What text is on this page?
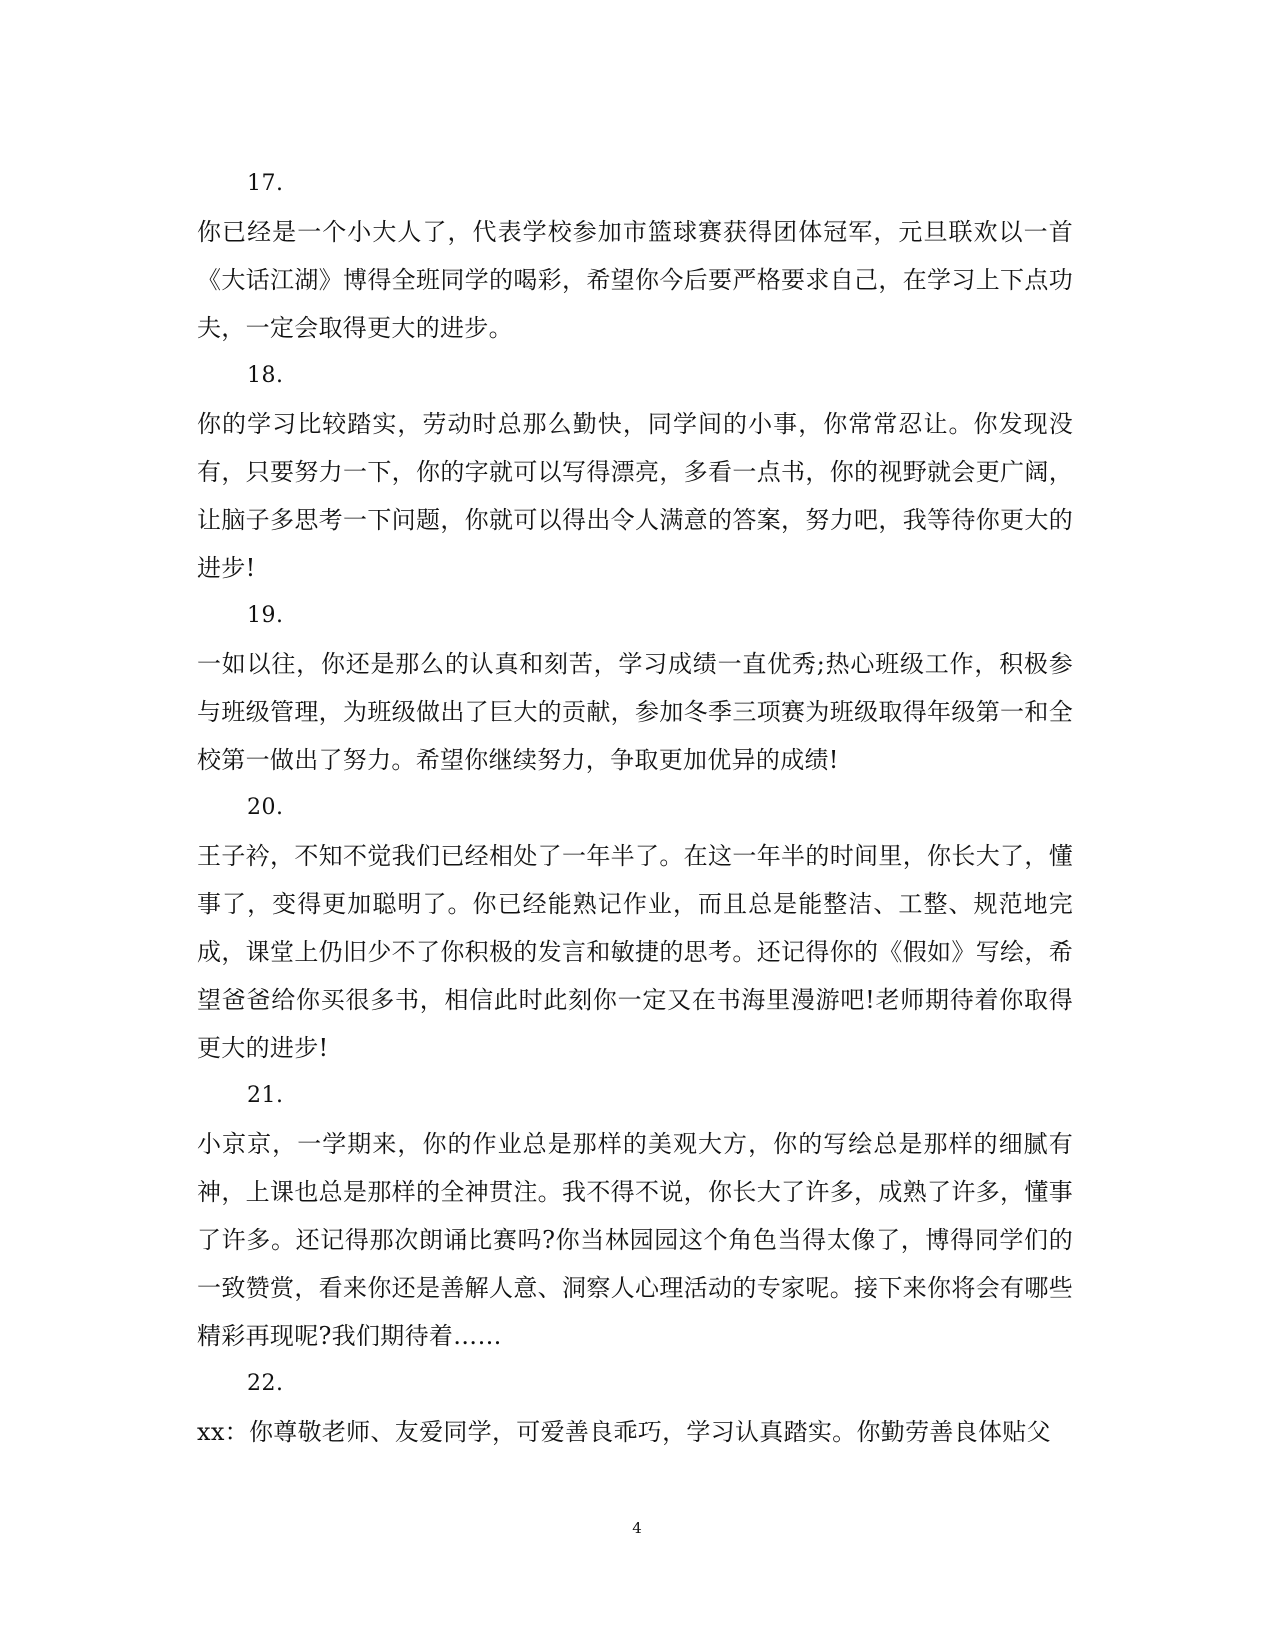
17.
你已经是一个小大人了，代表学校参加市篮球赛获得团体冠军，元旦联欢以一首《大话江湖》博得全班同学的喝彩，希望你今后要严格要求自己，在学习上下点功夫，一定会取得更大的进步。
18.
你的学习比较踏实，劳动时总那么勤快，同学间的小事，你常常忍让。你发现没有，只要努力一下，你的字就可以写得漂亮，多看一点书，你的视野就会更广阔，让脑子多思考一下问题，你就可以得出令人满意的答案，努力吧，我等待你更大的进步!
19.
一如以往，你还是那么的认真和刻苦，学习成绩一直优秀;热心班级工作，积极参与班级管理，为班级做出了巨大的贡献，参加冬季三项赛为班级取得年级第一和全校第一做出了努力。希望你继续努力，争取更加优异的成绩!
20.
王子衿，不知不觉我们已经相处了一年半了。在这一年半的时间里，你长大了，懂事了，变得更加聪明了。你已经能熟记作业，而且总是能整洁、工整、规范地完成，课堂上仍旧少不了你积极的发言和敏捷的思考。还记得你的《假如》写绘，希望爸爸给你买很多书，相信此时此刻你一定又在书海里漫游吧!老师期待着你取得更大的进步!
21.
小京京，一学期来，你的作业总是那样的美观大方，你的写绘总是那样的细腻有神，上课也总是那样的全神贯注。我不得不说，你长大了许多，成熟了许多，懂事了许多。还记得那次朗诵比赛吗?你当林园园这个角色当得太像了，博得同学们的一致赞赏，看来你还是善解人意、洞察人心理活动的专家呢。接下来你将会有哪些精彩再现呢?我们期待着……
22.
xx：你尊敬老师、友爱同学，可爱善良乖巧，学习认真踏实。你勤劳善良体贴父
4
